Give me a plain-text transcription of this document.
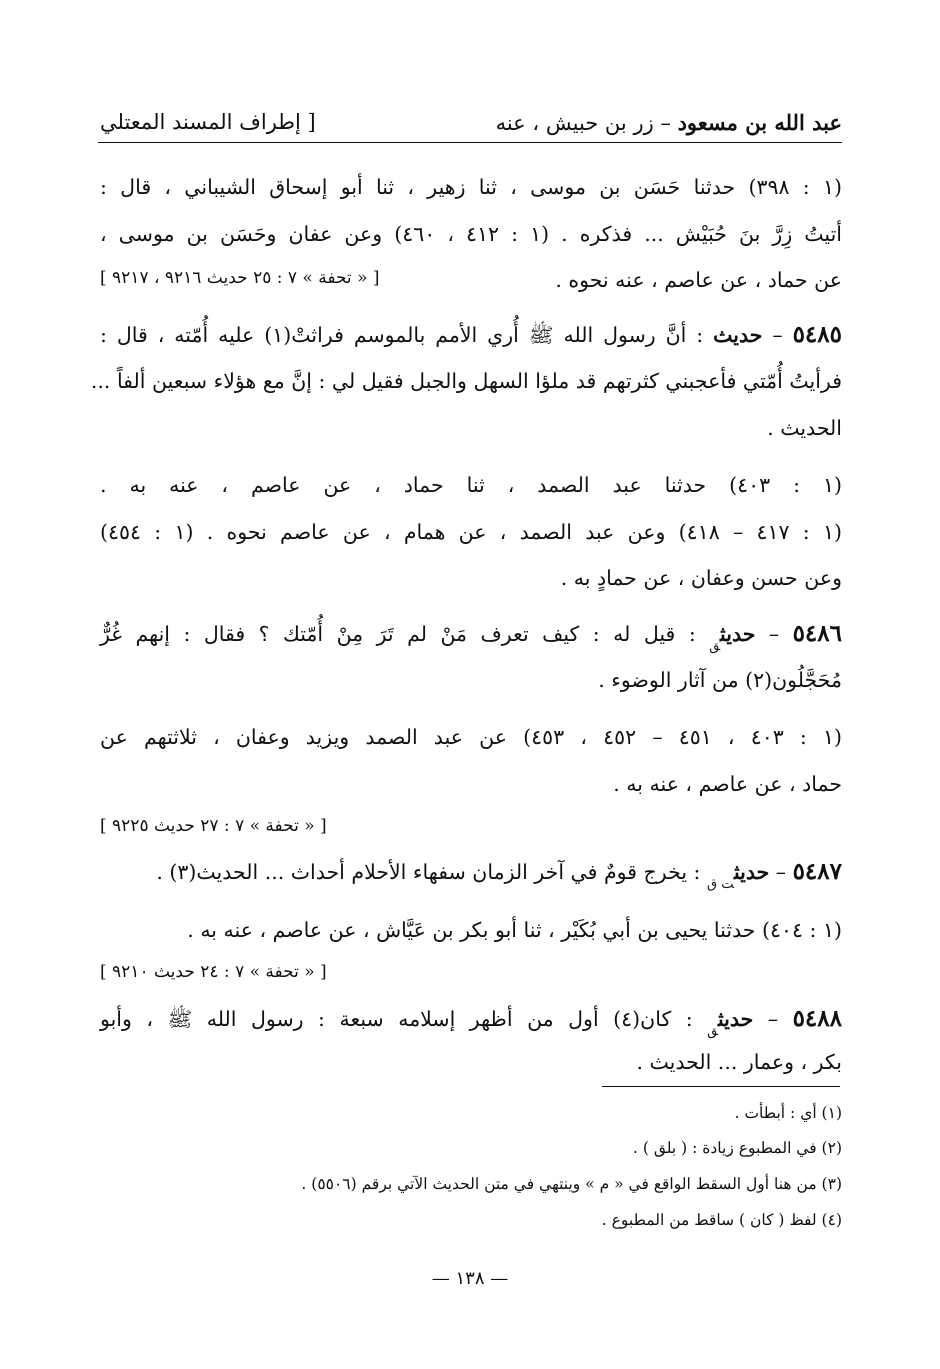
عبد الله بن مسعود – زر بن حبيش ، عنه
[ إطراف المسند المعتلي
(١ : ٣٩٨) حدثنا حَسَن بن موسى ، ثنا زهير ، ثنا أبو إسحاق الشيباني ، قال :
أتيتُ زِرَّ بنَ حُبَيْش ... فذكره . (١ : ٤١٢ ، ٤٦٠) وعن عفان وحَسَن بن موسى ،
عن حماد ، عن عاصم ، عنه نحوه .
[ « تحفة » ٧ : ٢٥ حديث ٩٢١٦ ، ٩٢١٧ ]
٥٤٨٥ – حديث : أنَّ رسول الله ﷺ أُري الأمم بالموسم فراثتْ(١) عليه أُمّته ، قال :
فرأيتُ أُمّتي فأعجبني كثرتهم قد ملؤا السهل والجبل فقيل لي : إنَّ مع هؤلاء سبعين ألفاً ...
الحديث .
(١ : ٤٠٣) حدثنا عبد الصمد ، ثنا حماد ، عن عاصم ، عنه به .
(١ : ٤١٧ – ٤١٨) وعن عبد الصمد ، عن همام ، عن عاصم نحوه . (١ : ٤٥٤)
وعن حسن وعفان ، عن حمادٍ به .
٥٤٨٦ – حديث$_ق$ : قيل له : كيف تعرف مَنْ لم تَرَ مِنْ أُمّتك ؟ فقال : إنهم غُرٌّ
مُحَجَّلُون(٢) من آثار الوضوء .
(١ : ٤٠٣ ، ٤٥١ – ٤٥٢ ، ٤٥٣) عن عبد الصمد ويزيد وعفان ، ثلاثتهم عن
حماد ، عن عاصم ، عنه به .
[ « تحفة » ٧ : ٢٧ حديث ٩٢٢٥ ]
٥٤٨٧ – حديث$_{ت ق}$ : يخرج قومٌ في آخر الزمان سفهاء الأحلام أحداث ... الحديث(٣) .
(١ : ٤٠٤) حدثنا يحيى بن أبي بُكَيْر ، ثنا أبو بكر بن عَيَّاش ، عن عاصم ، عنه به .
[ « تحفة » ٧ : ٢٤ حديث ٩٢١٠ ]
٥٤٨٨ – حديث$_ق$ : كان(٤) أول من أظهر إسلامه سبعة : رسول الله ﷺ ، وأبو
بكر ، وعمار ... الحديث .
(١) أي : أبطأت .
(٢) في المطبوع زيادة : ( بلق ) .
(٣) من هنا أول السقط الواقع في « م » وينتهي في متن الحديث الآتي برقم (٥٥٠٦) .
(٤) لفظ ( كان ) ساقط من المطبوع .
— ١٣٨ —
